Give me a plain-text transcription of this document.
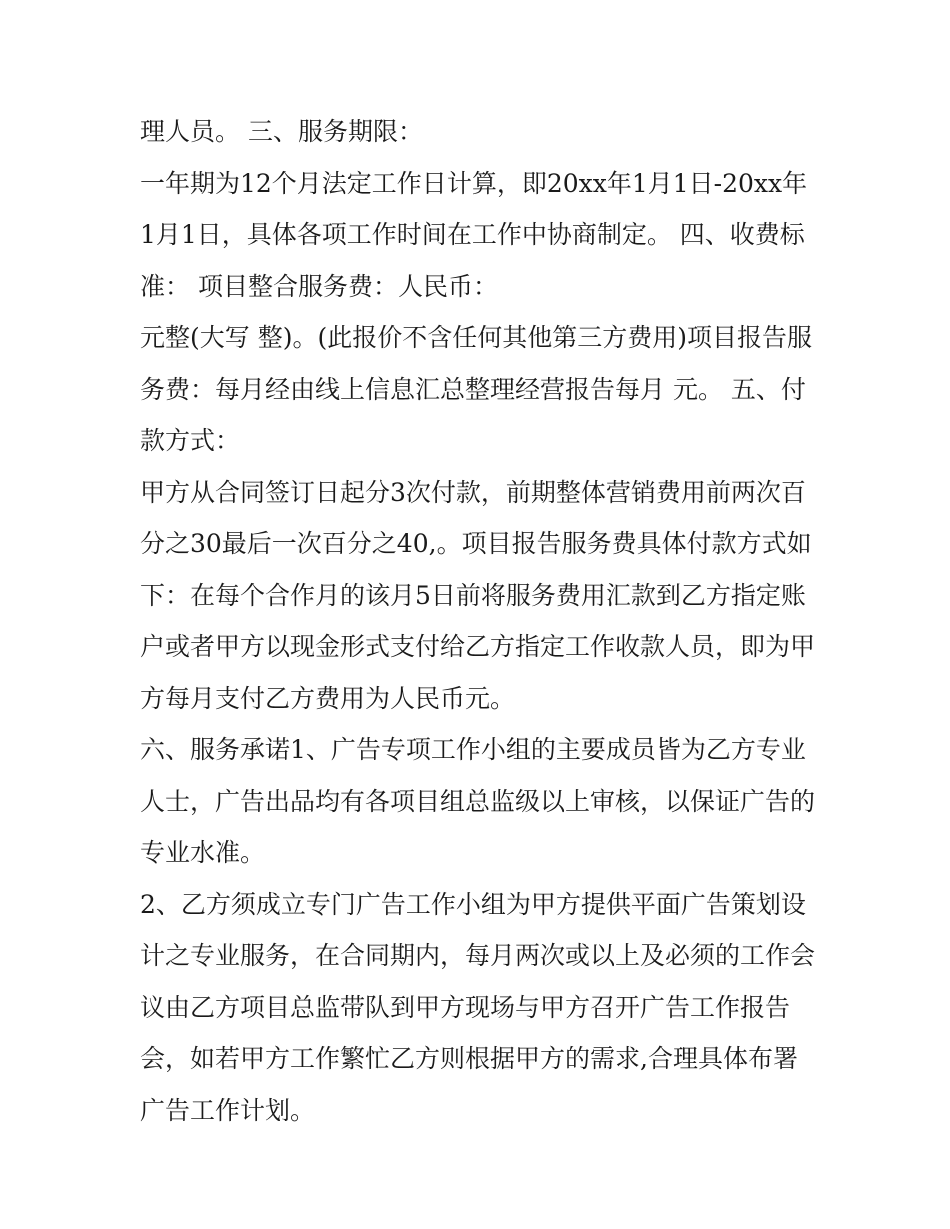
理人员。 三、服务期限：
一年期为12个月法定工作日计算，即20xx年1月1日-20xx年
1月1日，具体各项工作时间在工作中协商制定。 四、收费标
准： 项目整合服务费：人民币：
元整(大写 整)。(此报价不含任何其他第三方费用)项目报告服
务费：每月经由线上信息汇总整理经营报告每月 元。 五、付
款方式：
甲方从合同签订日起分3次付款，前期整体营销费用前两次百
分之30最后一次百分之40,。项目报告服务费具体付款方式如
下：在每个合作月的该月5日前将服务费用汇款到乙方指定账
户或者甲方以现金形式支付给乙方指定工作收款人员，即为甲
方每月支付乙方费用为人民币元。
六、服务承诺1、广告专项工作小组的主要成员皆为乙方专业
人士，广告出品均有各项目组总监级以上审核，以保证广告的
专业水准。
2、乙方须成立专门广告工作小组为甲方提供平面广告策划设
计之专业服务，在合同期内，每月两次或以上及必须的工作会
议由乙方项目总监带队到甲方现场与甲方召开广告工作报告
会，如若甲方工作繁忙乙方则根据甲方的需求,合理具体布署
广告工作计划。
